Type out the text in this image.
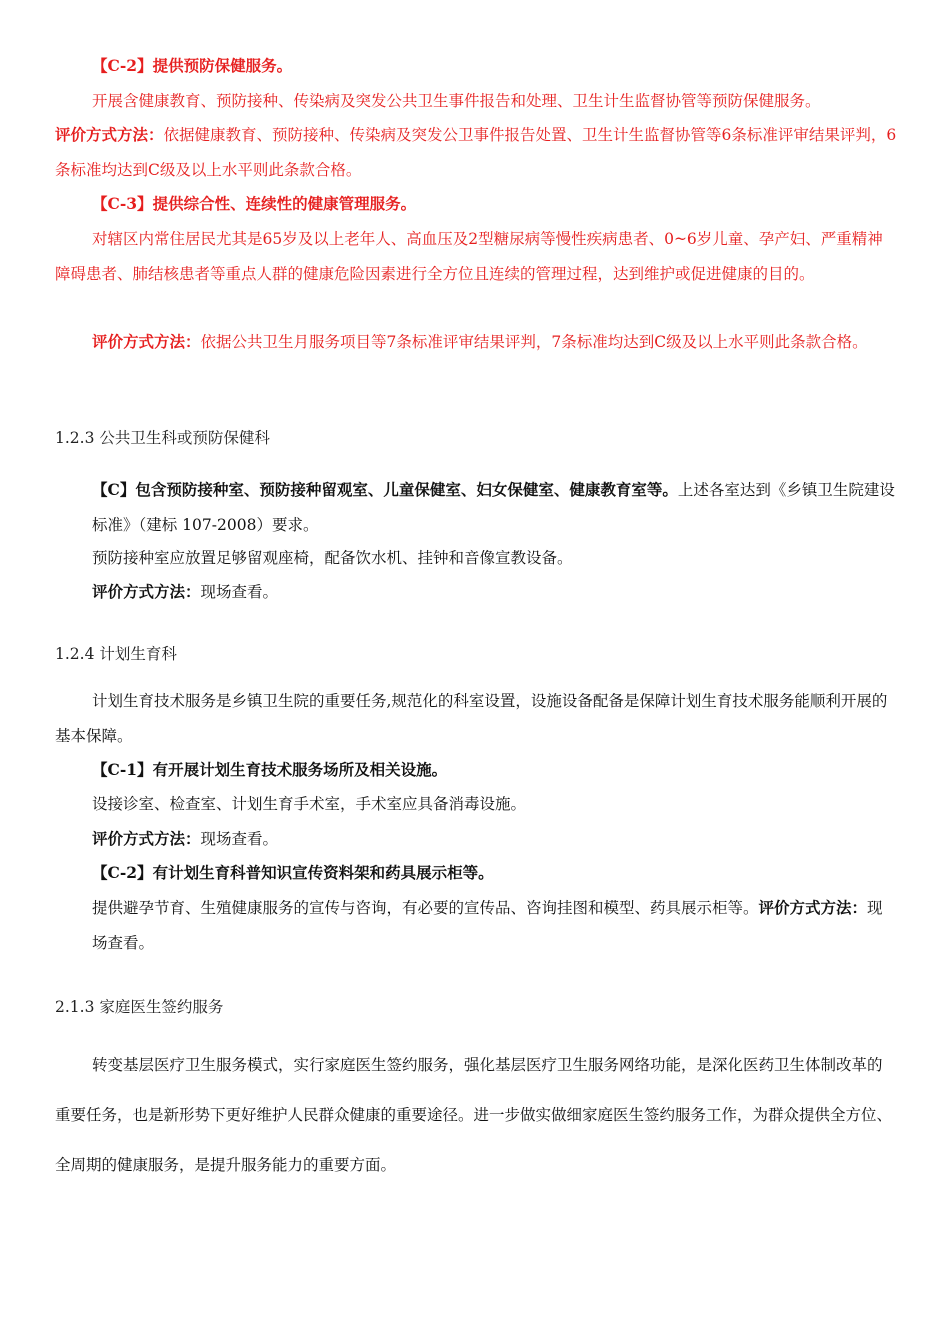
【C-2】提供预防保健服务。

开展含健康教育、预防接种、传染病及突发公共卫生事件报告和处理、卫生计生监督协管等预防保健服务。

评价方式方法：依据健康教育、预防接种、传染病及突发公卫事件报告处置、卫生计生监督协管等6条标准评审结果评判，6条标准均达到C级及以上水平则此条款合格。

【C-3】提供综合性、连续性的健康管理服务。

对辖区内常住居民尤其是65岁及以上老年人、高血压及2型糖尿病等慢性疾病患者、0~6岁儿童、孕产妇、严重精神障碍患者、肺结核患者等重点人群的健康危险因素进行全方位且连续的管理过程，达到维护或促进健康的目的。

评价方式方法：依据公共卫生月服务项目等7条标准评审结果评判，7条标准均达到C级及以上水平则此条款合格。

1.2.3 公共卫生科或预防保健科

【C】包含预防接种室、预防接种留观室、儿童保健室、妇女保健室、健康教育室等。上述各室达到《乡镇卫生院建设标准》（建标 107-2008）要求。

预防接种室应放置足够留观座椅，配备饮水机、挂钟和音像宣教设备。

评价方式方法：现场查看。

1.2.4 计划生育科

计划生育技术服务是乡镇卫生院的重要任务,规范化的科室设置，设施设备配备是保障计划生育技术服务能顺利开展的基本保障。

【C-1】有开展计划生育技术服务场所及相关设施。

设接诊室、检查室、计划生育手术室，手术室应具备消毒设施。

评价方式方法：现场查看。

【C-2】有计划生育科普知识宣传资料架和药具展示柜等。

提供避孕节育、生殖健康服务的宣传与咨询，有必要的宣传品、咨询挂图和模型、药具展示柜等。评价方式方法：现场查看。

2.1.3 家庭医生签约服务

转变基层医疗卫生服务模式，实行家庭医生签约服务，强化基层医疗卫生服务网络功能，是深化医药卫生体制改革的重要任务，也是新形势下更好维护人民群众健康的重要途径。进一步做实做细家庭医生签约服务工作，为群众提供全方位、全周期的健康服务，是提升服务能力的重要方面。
